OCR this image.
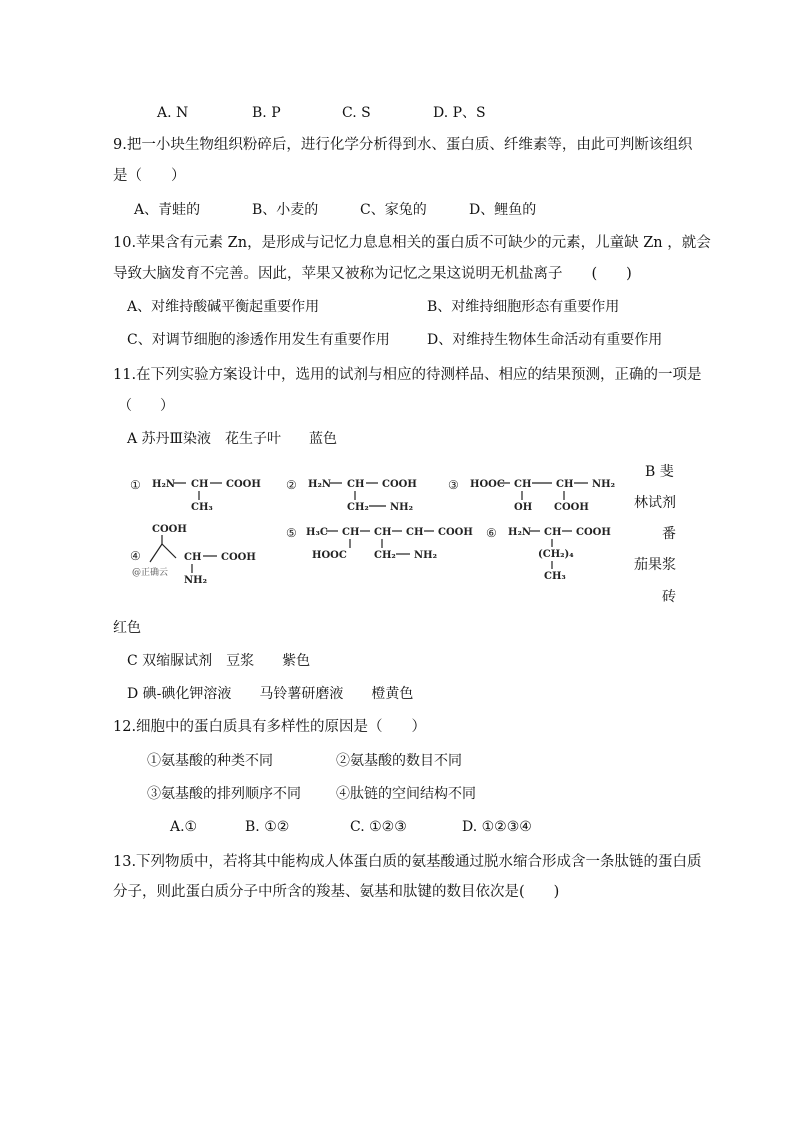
A. N	B. P	C. S	D. P、S
9.把一小块生物组织粉碎后，进行化学分析得到水、蛋白质、纤维素等，由此可判断该组织
是（　　）
A、青蛙的	B、小麦的	C、家兔的	D、鲤鱼的
10.苹果含有元素 Zn，是形成与记忆力息息相关的蛋白质不可缺少的元素，儿童缺 Zn ，就会
导致大脑发育不完善。因此，苹果又被称为记忆之果这说明无机盐离子　　(　　)
A、对维持酸碱平衡起重要作用	B、对维持细胞形态有重要作用
C、对调节细胞的渗透作用发生有重要作用	D、对维持生物体生命活动有重要作用
11.在下列实验方案设计中，选用的试剂与相应的待测样品、相应的结果预测，正确的一项是
（　　）
A 苏丹Ⅲ染液　花生子叶　　蓝色
B 斐
林试剂
番
茄果浆
砖
红色
① H₂N CH COOH
CH₃
② H₂N CH COOH
CH₂ NH₂
③ HOOC CH CH NH₂
OH COOH
COOH
④	CH COOH
NH₂
@正确云
⑤ H₃C CH CH CH COOH
HOOC	CH₂ NH₂
⑥ H₂N CH COOH
(CH₂)₄
CH₃
C 双缩脲试剂　豆浆　　紫色
D 碘-碘化钾溶液　　马铃薯研磨液　　橙黄色
12.细胞中的蛋白质具有多样性的原因是（　　）
①氨基酸的种类不同	②氨基酸的数目不同
③氨基酸的排列顺序不同	④肽链的空间结构不同
A.①	B. ①②	C. ①②③	D. ①②③④
13.下列物质中，若将其中能构成人体蛋白质的氨基酸通过脱水缩合形成含一条肽链的蛋白质
分子，则此蛋白质分子中所含的羧基、氨基和肽键的数目依次是(　　)
